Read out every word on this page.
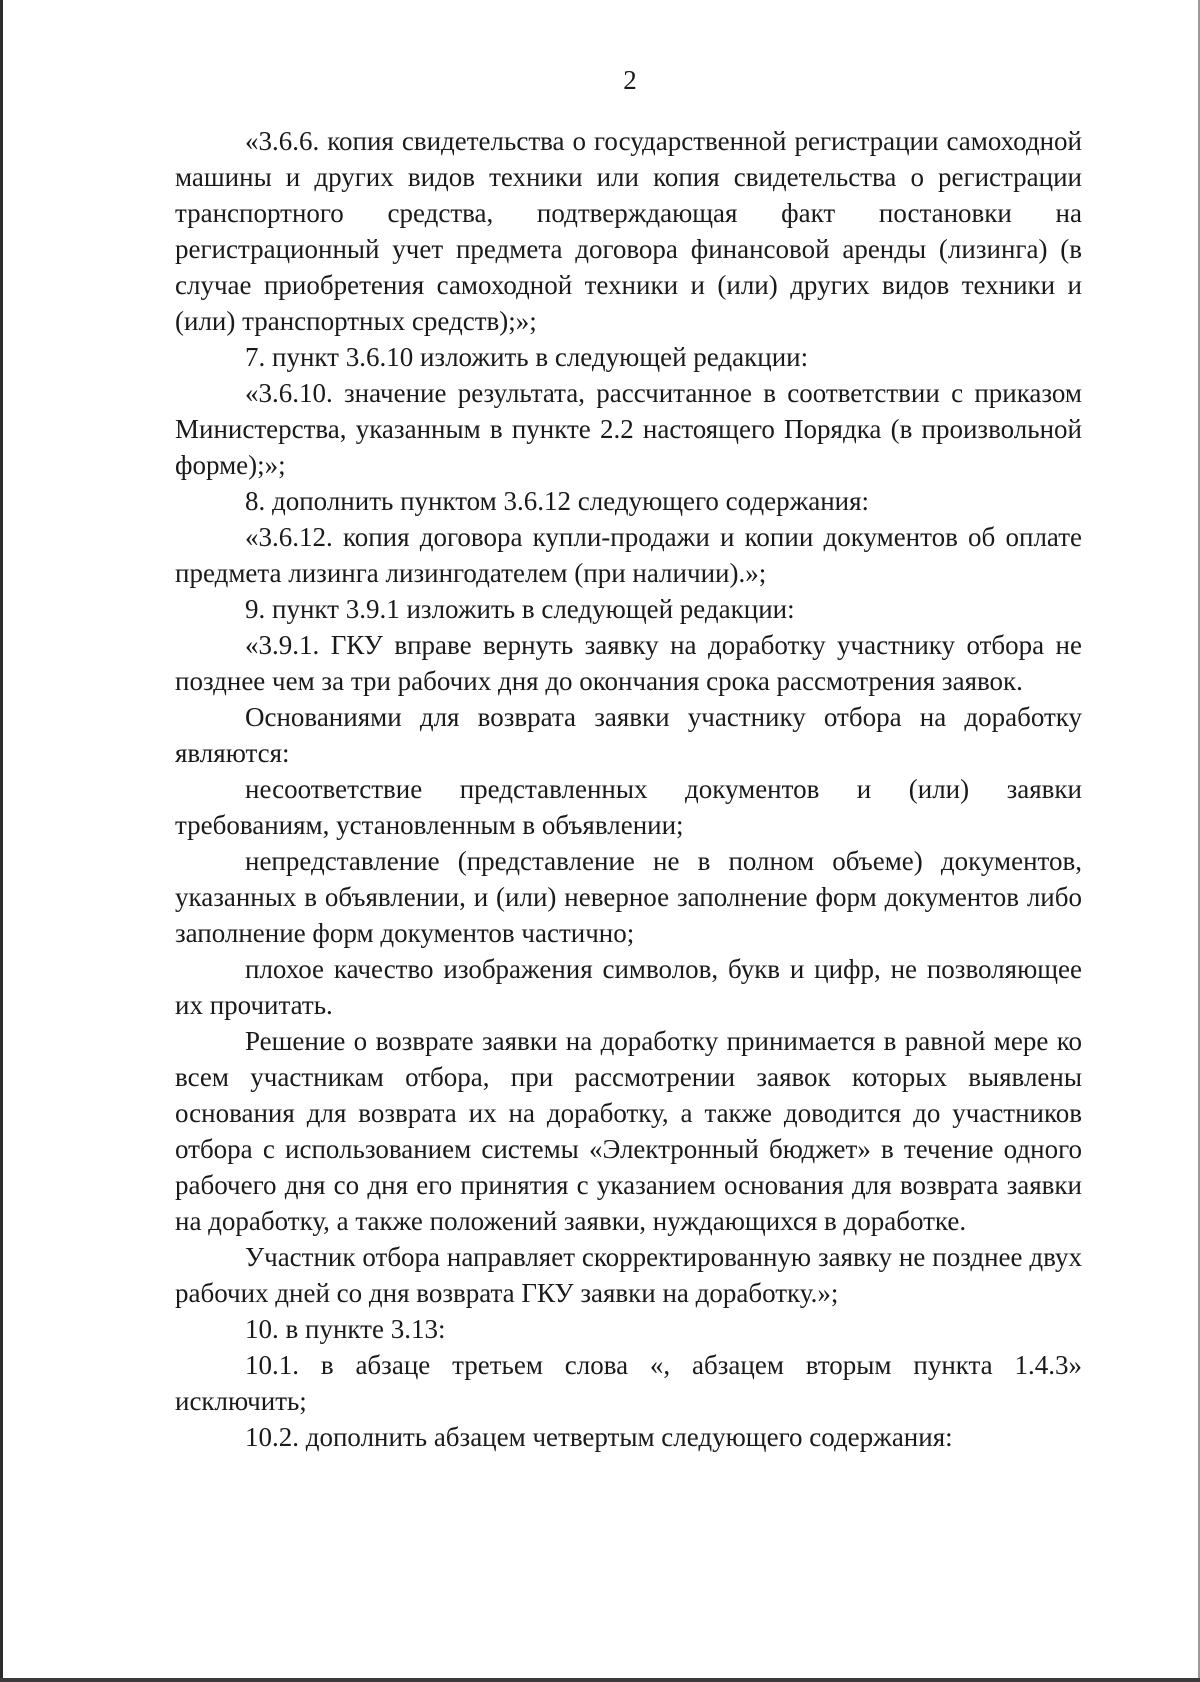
2

«3.6.6. копия свидетельства о государственной регистрации самоходной машины и других видов техники или копия свидетельства о регистрации транспортного средства, подтверждающая факт постановки на регистрационный учет предмета договора финансовой аренды (лизинга) (в случае приобретения самоходной техники и (или) других видов техники и (или) транспортных средств);»;

7. пункт 3.6.10 изложить в следующей редакции:

«3.6.10. значение результата, рассчитанное в соответствии с приказом Министерства, указанным в пункте 2.2 настоящего Порядка (в произвольной форме);»;

8. дополнить пунктом 3.6.12 следующего содержания:

«3.6.12. копия договора купли-продажи и копии документов об оплате предмета лизинга лизингодателем (при наличии).»;

9. пункт 3.9.1 изложить в следующей редакции:

«3.9.1. ГКУ вправе вернуть заявку на доработку участнику отбора не позднее чем за три рабочих дня до окончания срока рассмотрения заявок.

Основаниями для возврата заявки участнику отбора на доработку являются:

несоответствие представленных документов и (или) заявки требованиям, установленным в объявлении;

непредставление (представление не в полном объеме) документов, указанных в объявлении, и (или) неверное заполнение форм документов либо заполнение форм документов частично;

плохое качество изображения символов, букв и цифр, не позволяющее их прочитать.

Решение о возврате заявки на доработку принимается в равной мере ко всем участникам отбора, при рассмотрении заявок которых выявлены основания для возврата их на доработку, а также доводится до участников отбора с использованием системы «Электронный бюджет» в течение одного рабочего дня со дня его принятия с указанием основания для возврата заявки на доработку, а также положений заявки, нуждающихся в доработке.

Участник отбора направляет скорректированную заявку не позднее двух рабочих дней со дня возврата ГКУ заявки на доработку.»;

10. в пункте 3.13:

10.1. в абзаце третьем слова «, абзацем вторым пункта 1.4.3» исключить;

10.2. дополнить абзацем четвертым следующего содержания:
